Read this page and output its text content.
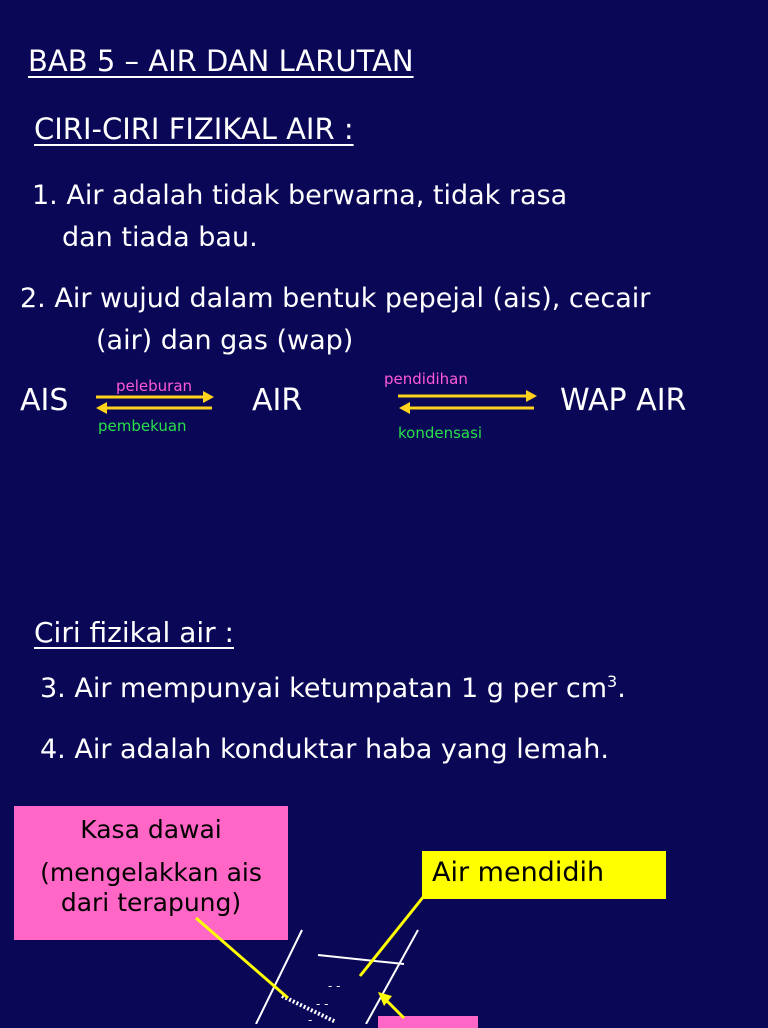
BAB 5 – AIR DAN LARUTAN
CIRI-CIRI FIZIKAL AIR :
1. Air adalah tidak berwarna, tidak rasa
dan tiada bau.
2. Air wujud dalam bentuk pepejal (ais), cecair
(air) dan gas (wap)
AIS	AIR	WAP AIR
peleburan
pembekuan
pendidihan
kondensasi
Ciri fizikal air :
3. Air mempunyai ketumpatan 1 g per $cm^3$.
4. Air adalah konduktar haba yang lemah.
Kasa dawai
(mengelakkan ais dari terapung)
Air mendidih
- -
- -
-
